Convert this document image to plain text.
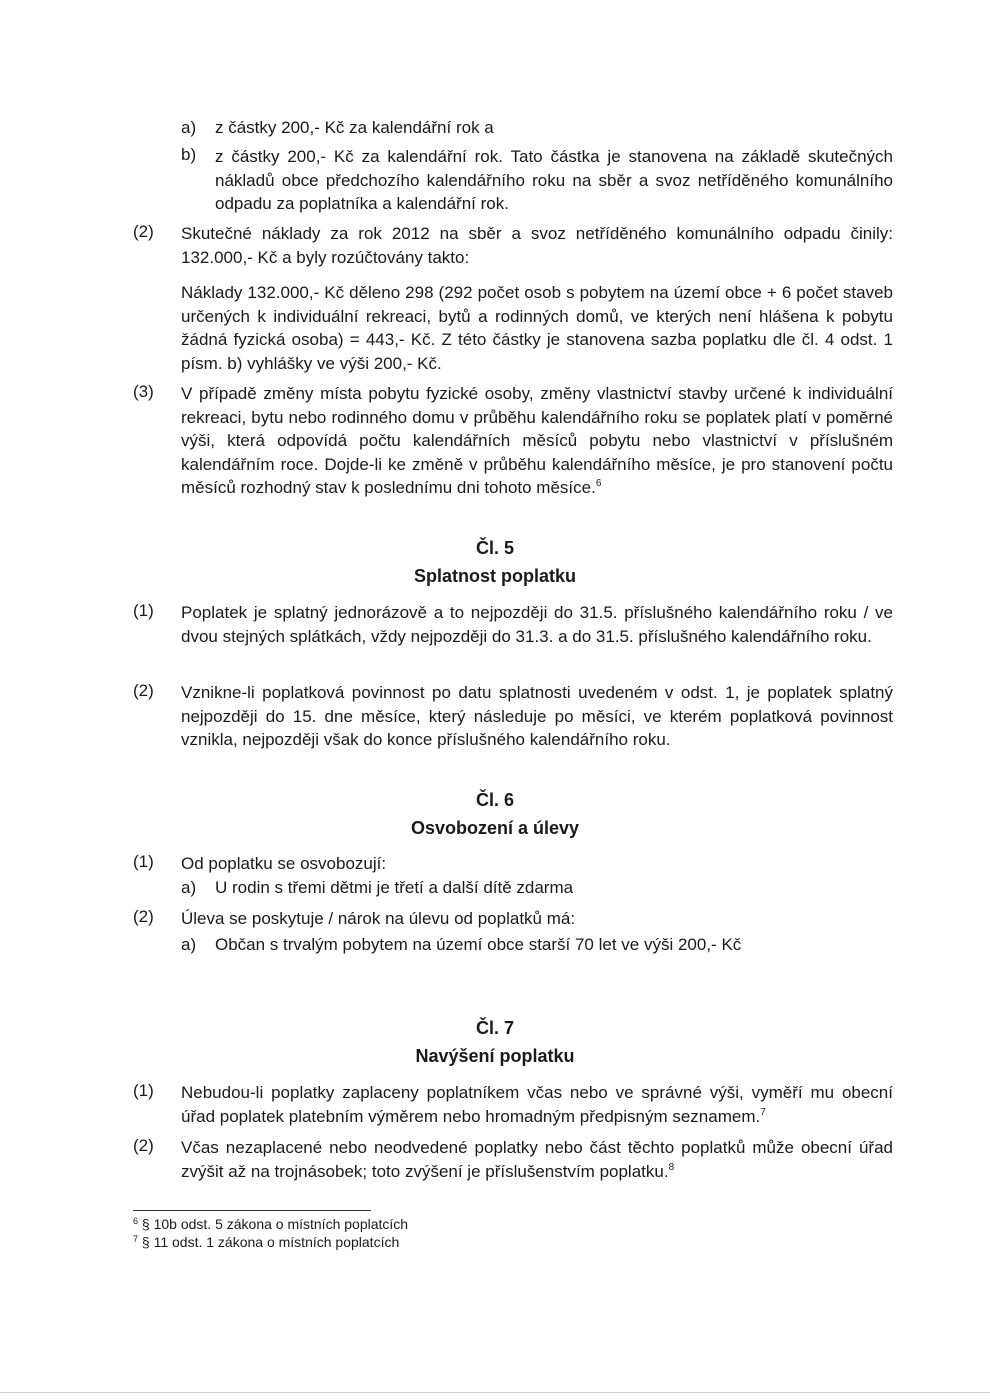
a) z částky 200,- Kč za kalendářní rok a
b)	z částky 200,- Kč za kalendářní rok. Tato částka je stanovena na základě skutečných nákladů obce předchozího kalendářního roku na sběr a svoz netříděného komunálního odpadu za poplatníka a kalendářní rok.
(2)	Skutečné náklady za rok 2012 na sběr a svoz netříděného komunálního odpadu činily: 132.000,- Kč a byly rozúčtovány takto:
Náklady 132.000,- Kč děleno 298 (292 počet osob s pobytem na území obce + 6 počet staveb určených k individuální rekreaci, bytů a rodinných domů, ve kterých není hlášena k pobytu žádná fyzická osoba) = 443,- Kč. Z této částky je stanovena sazba poplatku dle čl. 4 odst. 1 písm. b) vyhlášky ve výši 200,- Kč.
(3)	V případě změny místa pobytu fyzické osoby, změny vlastnictví stavby určené k individuální rekreaci, bytu nebo rodinného domu v průběhu kalendářního roku se poplatek platí v poměrné výši, která odpovídá počtu kalendářních měsíců pobytu nebo vlastnictví v příslušném kalendářním roce. Dojde-li ke změně v průběhu kalendářního měsíce, je pro stanovení počtu měsíců rozhodný stav k poslednímu dni tohoto měsíce.$^6$
Čl. 5
Splatnost poplatku
(1)	Poplatek je splatný jednorázově a to nejpozději do 31.5. příslušného kalendářního roku / ve dvou stejných splátkách, vždy nejpozději do 31.3. a do 31.5. příslušného kalendářního roku.
(2)	Vznikne-li poplatková povinnost po datu splatnosti uvedeném v odst. 1, je poplatek splatný nejpozději do 15. dne měsíce, který následuje po měsíci, ve kterém poplatková povinnost vznikla, nejpozději však do konce příslušného kalendářního roku.
Čl. 6
Osvobození a úlevy
(1)	Od poplatku se osvobozují:
a) U rodin s třemi dětmi je třetí a další dítě zdarma
(2)	Úleva se poskytuje / nárok na úlevu od poplatků má:
a) Občan s trvalým pobytem na území obce starší 70 let ve výši 200,- Kč
Čl. 7
Navýšení poplatku
(1)	Nebudou-li poplatky zaplaceny poplatníkem včas nebo ve správné výši, vyměří mu obecní úřad poplatek platebním výměrem nebo hromadným předpisným seznamem.$^7$
(2)	Včas nezaplacené nebo neodvedené poplatky nebo část těchto poplatků může obecní úřad zvýšit až na trojnásobek; toto zvýšení je příslušenstvím poplatku.$^8$
$^6$ § 10b odst. 5 zákona o místních poplatcích
$^7$ § 11 odst. 1 zákona o místních poplatcích
